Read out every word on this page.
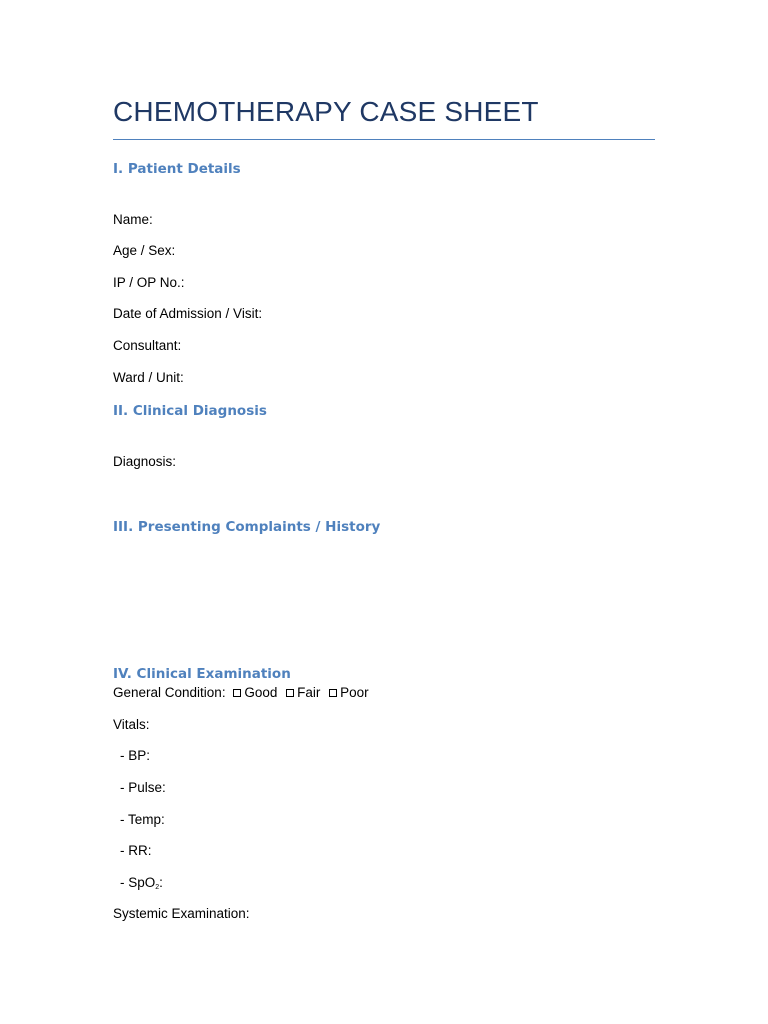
CHEMOTHERAPY CASE SHEET
I. Patient Details
Name:
Age / Sex:
IP / OP No.:
Date of Admission / Visit:
Consultant:
Ward / Unit:
II. Clinical Diagnosis
Diagnosis:
III. Presenting Complaints / History
IV. Clinical Examination
General Condition: Good Fair Poor
Vitals:
- BP:
- Pulse:
- Temp:
- RR:
- SpO$_2$:
Systemic Examination:
